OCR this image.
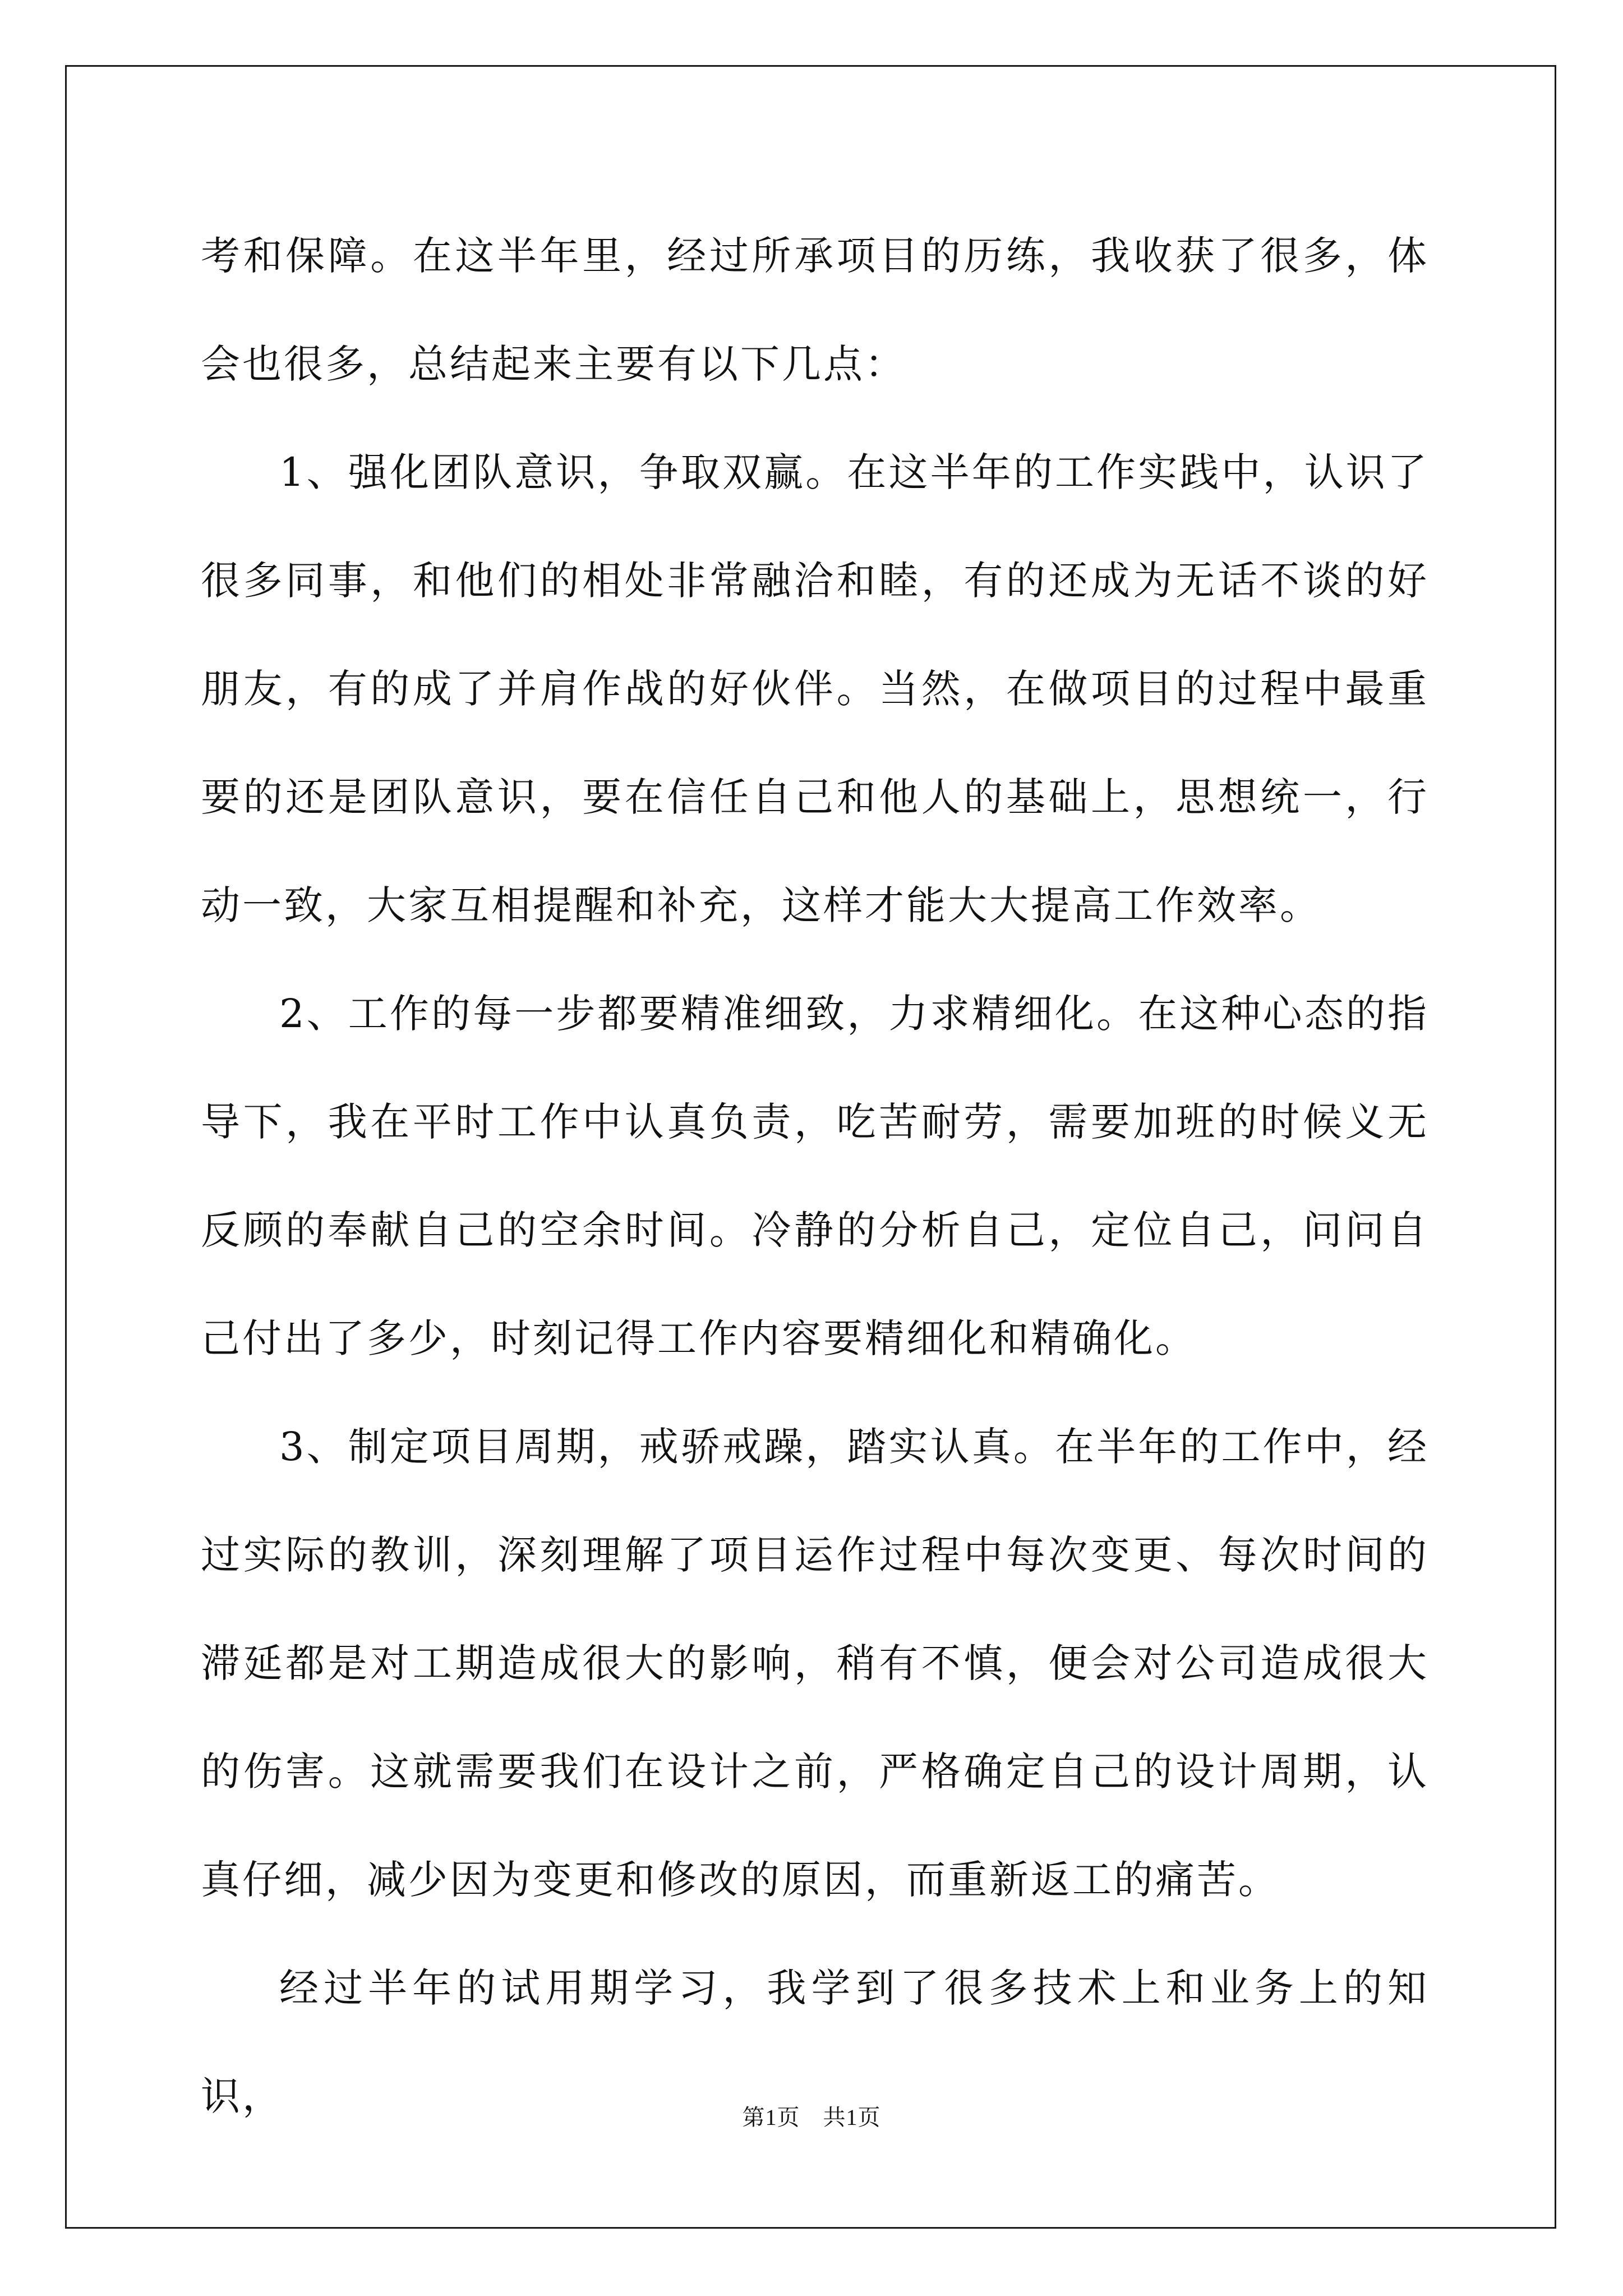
考和保障。在这半年里，经过所承项目的历练，我收获了很多，体会也很多，总结起来主要有以下几点：

1、强化团队意识，争取双赢。在这半年的工作实践中，认识了很多同事，和他们的相处非常融洽和睦，有的还成为无话不谈的好朋友，有的成了并肩作战的好伙伴。当然，在做项目的过程中最重要的还是团队意识，要在信任自己和他人的基础上，思想统一，行动一致，大家互相提醒和补充，这样才能大大提高工作效率。

2、工作的每一步都要精准细致，力求精细化。在这种心态的指导下，我在平时工作中认真负责，吃苦耐劳，需要加班的时候义无反顾的奉献自己的空余时间。冷静的分析自己，定位自己，问问自己付出了多少，时刻记得工作内容要精细化和精确化。

3、制定项目周期，戒骄戒躁，踏实认真。在半年的工作中，经过实际的教训，深刻理解了项目运作过程中每次变更、每次时间的滞延都是对工期造成很大的影响，稍有不慎，便会对公司造成很大的伤害。这就需要我们在设计之前，严格确定自己的设计周期，认真仔细，减少因为变更和修改的原因，而重新返工的痛苦。

经过半年的试用期学习，我学到了很多技术上和业务上的知识，	第1页　共1页
